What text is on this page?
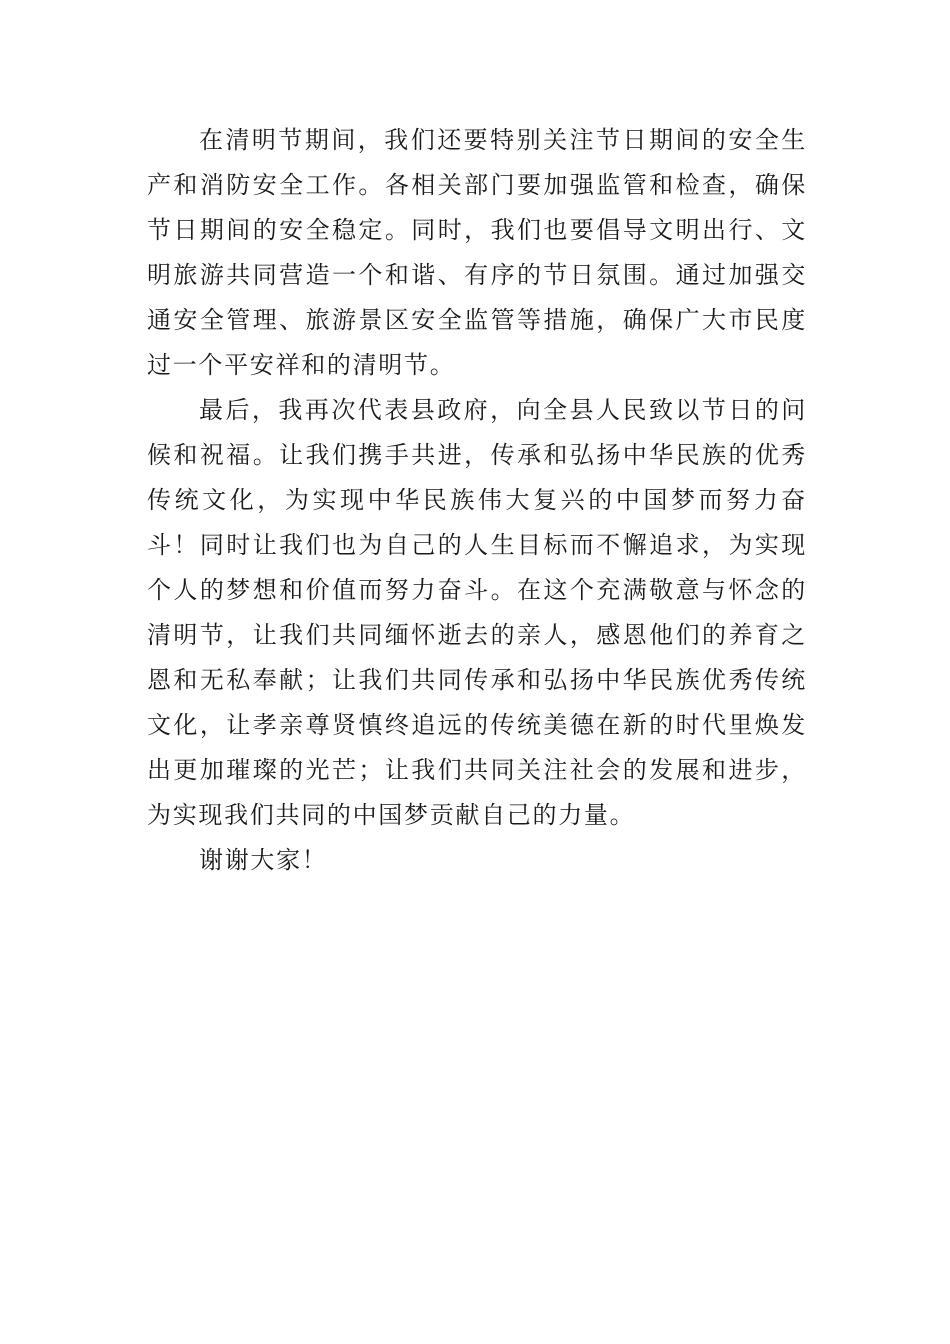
在清明节期间，我们还要特别关注节日期间的安全生产和消防安全工作。各相关部门要加强监管和检查，确保节日期间的安全稳定。同时，我们也要倡导文明出行、文明旅游共同营造一个和谐、有序的节日氛围。通过加强交通安全管理、旅游景区安全监管等措施，确保广大市民度过一个平安祥和的清明节。

最后，我再次代表县政府，向全县人民致以节日的问候和祝福。让我们携手共进，传承和弘扬中华民族的优秀传统文化，为实现中华民族伟大复兴的中国梦而努力奋斗！同时让我们也为自己的人生目标而不懈追求，为实现个人的梦想和价值而努力奋斗。在这个充满敬意与怀念的清明节，让我们共同缅怀逝去的亲人，感恩他们的养育之恩和无私奉献；让我们共同传承和弘扬中华民族优秀传统文化，让孝亲尊贤慎终追远的传统美德在新的时代里焕发出更加璀璨的光芒；让我们共同关注社会的发展和进步，为实现我们共同的中国梦贡献自己的力量。

谢谢大家！
